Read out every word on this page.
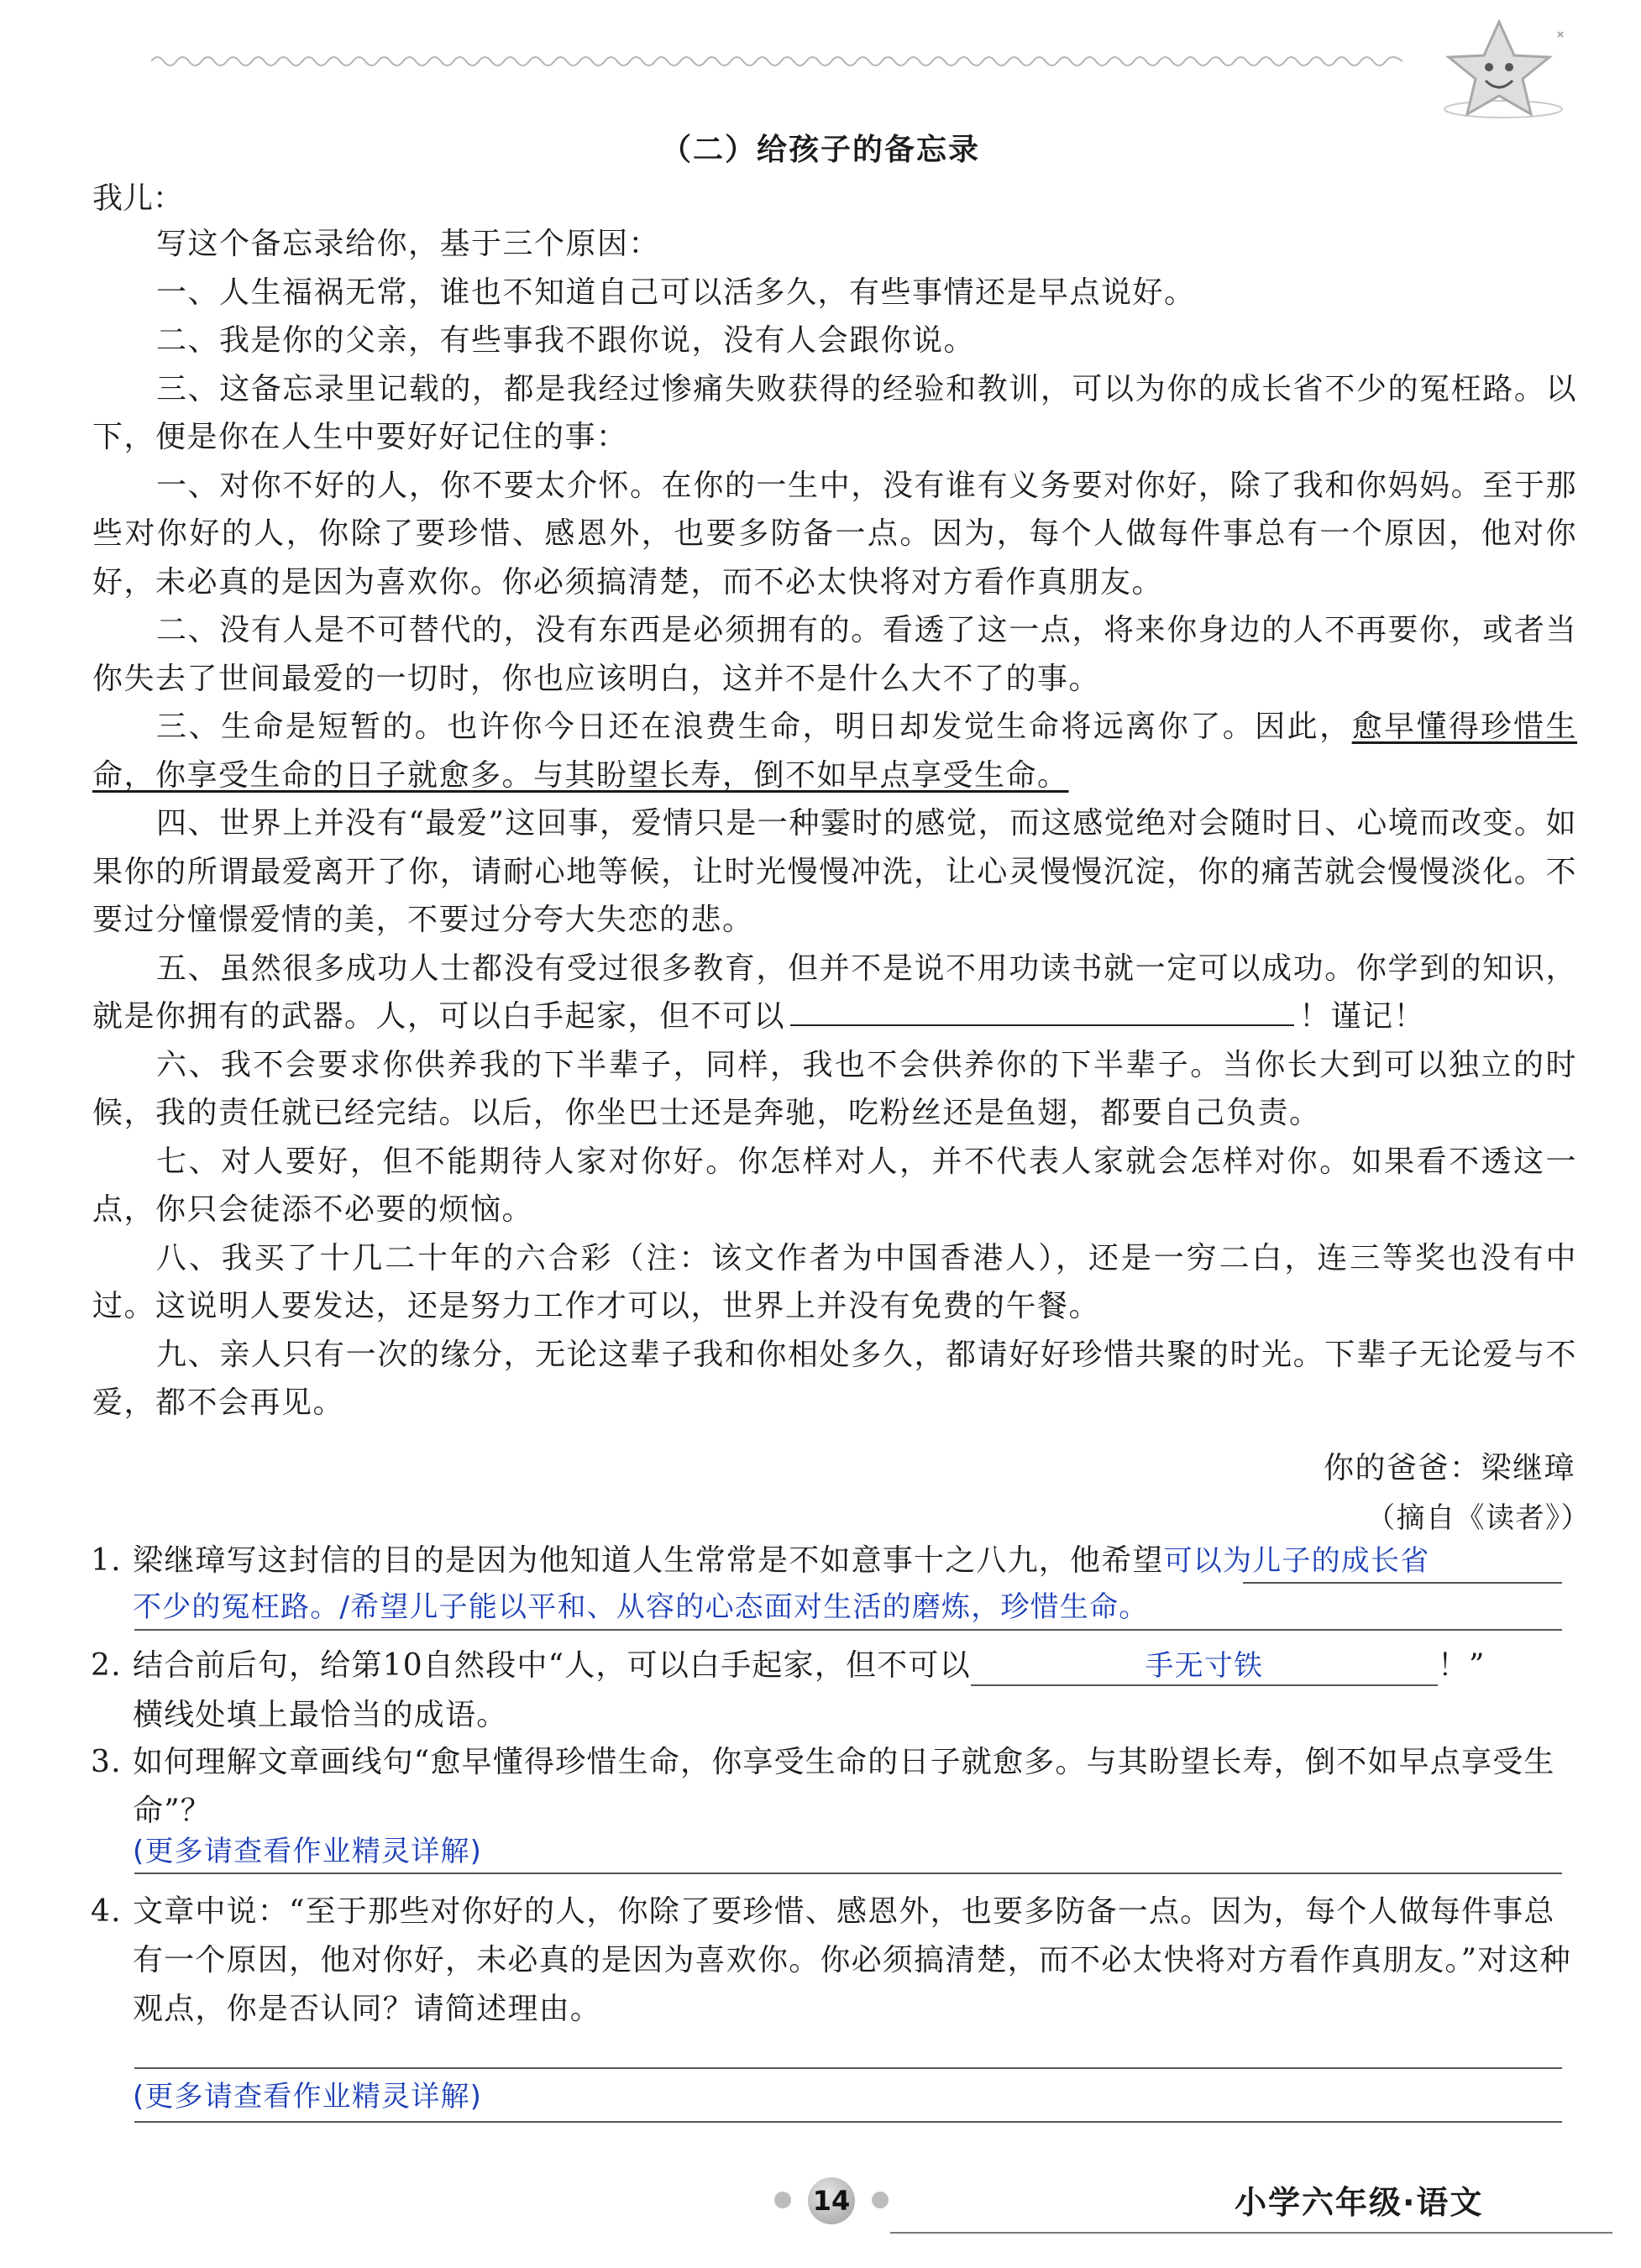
（二）给孩子的备忘录
我儿：

写这个备忘录给你，基于三个原因：

一、人生福祸无常，谁也不知道自己可以活多久，有些事情还是早点说好。

二、我是你的父亲，有些事我不跟你说，没有人会跟你说。

三、这备忘录里记载的，都是我经过惨痛失败获得的经验和教训，可以为你的成长省不少的冤枉路。以下，便是你在人生中要好好记住的事：

一、对你不好的人，你不要太介怀。在你的一生中，没有谁有义务要对你好，除了我和你妈妈。至于那些对你好的人，你除了要珍惜、感恩外，也要多防备一点。因为，每个人做每件事总有一个原因，他对你好，未必真的是因为喜欢你。你必须搞清楚，而不必太快将对方看作真朋友。

二、没有人是不可替代的，没有东西是必须拥有的。看透了这一点，将来你身边的人不再要你，或者当你失去了世间最爱的一切时，你也应该明白，这并不是什么大不了的事。

三、生命是短暂的。也许你今日还在浪费生命，明日却发觉生命将远离你了。因此，愈早懂得珍惜生命，你享受生命的日子就愈多。与其盼望长寿，倒不如早点享受生命。

四、世界上并没有“最爱”这回事，爱情只是一种霎时的感觉，而这感觉绝对会随时日、心境而改变。如果你的所谓最爱离开了你，请耐心地等候，让时光慢慢冲洗，让心灵慢慢沉淀，你的痛苦就会慢慢淡化。不要过分憧憬爱情的美，不要过分夸大失恋的悲。

五、虽然很多成功人士都没有受过很多教育，但并不是说不用功读书就一定可以成功。你学到的知识，就是你拥有的武器。人，可以白手起家，但不可以	！谨记！

六、我不会要求你供养我的下半辈子，同样，我也不会供养你的下半辈子。当你长大到可以独立的时候，我的责任就已经完结。以后，你坐巴士还是奔驰，吃粉丝还是鱼翅，都要自己负责。

七、对人要好，但不能期待人家对你好。你怎样对人，并不代表人家就会怎样对你。如果看不透这一点，你只会徒添不必要的烦恼。

八、我买了十几二十年的六合彩（注：该文作者为中国香港人），还是一穷二白，连三等奖也没有中过。这说明人要发达，还是努力工作才可以，世界上并没有免费的午餐。

九、亲人只有一次的缘分，无论这辈子我和你相处多久，都请好好珍惜共聚的时光。下辈子无论爱与不爱，都不会再见。

你的爸爸：梁继璋
（摘自《读者》）
1. 梁继璋写这封信的目的是因为他知道人生常常是不如意事十之八九，他希望可以为儿子的成长省
不少的冤枉路。/希望儿子能以平和、从容的心态面对生活的磨炼，珍惜生命。
2. 结合前后句，给第10自然段中“人，可以白手起家，但不可以	手无寸铁	！”
横线处填上最恰当的成语。
3. 如何理解文章画线句“愈早懂得珍惜生命，你享受生命的日子就愈多。与其盼望长寿，倒不如早点享受生命”？
(更多请查看作业精灵详解)
4. 文章中说：“至于那些对你好的人，你除了要珍惜、感恩外，也要多防备一点。因为，每个人做每件事总有一个原因，他对你好，未必真的是因为喜欢你。你必须搞清楚，而不必太快将对方看作真朋友。”对这种观点，你是否认同？请简述理由。
(更多请查看作业精灵详解)
14	小学六年级·语文
